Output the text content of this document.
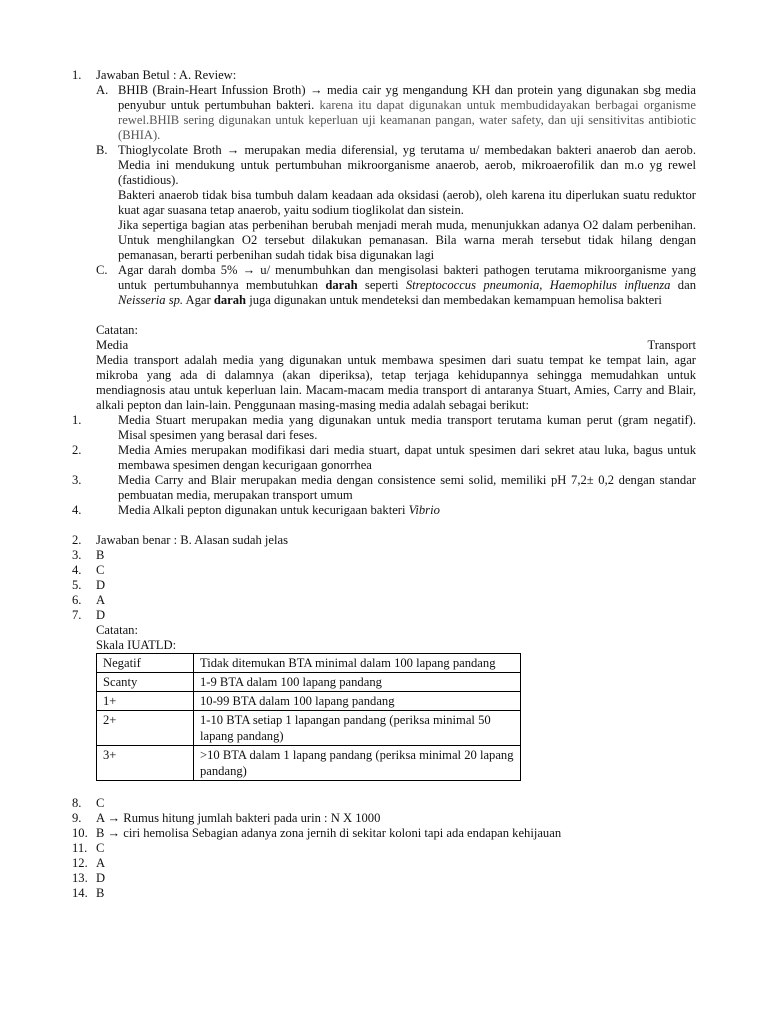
1.	Jawaban Betul : A. Review:
A. BHIB (Brain-Heart Infussion Broth) → media cair yg mengandung KH dan protein yang digunakan sbg media penyubur untuk pertumbuhan bakteri. karena itu dapat digunakan untuk membudidayakan berbagai organisme rewel.BHIB sering digunakan untuk keperluan uji keamanan pangan, water safety, dan uji sensitivitas antibiotic (BHIA).
B. Thioglycolate Broth → merupakan media diferensial, yg terutama u/ membedakan bakteri anaerob dan aerob. Media ini mendukung untuk pertumbuhan mikroorganisme anaerob, aerob, mikroaerofilik dan m.o yg rewel (fastidious).
Bakteri anaerob tidak bisa tumbuh dalam keadaan ada oksidasi (aerob), oleh karena itu diperlukan suatu reduktor kuat agar suasana tetap anaerob, yaitu sodium tioglikolat dan sistein.
Jika sepertiga bagian atas perbenihan berubah menjadi merah muda, menunjukkan adanya O2 dalam perbenihan. Untuk menghilangkan O2 tersebut dilakukan pemanasan. Bila warna merah tersebut tidak hilang dengan pemanasan, berarti perbenihan sudah tidak bisa digunakan lagi
C. Agar darah domba 5% → u/ menumbuhkan dan mengisolasi bakteri pathogen terutama mikroorganisme yang untuk pertumbuhannya membutuhkan darah seperti Streptococcus pneumonia, Haemophilus influenza dan Neisseria sp. Agar darah juga digunakan untuk mendeteksi dan membedakan kemampuan hemolisa bakteri
Catatan:
Media	Transport
Media transport adalah media yang digunakan untuk membawa spesimen dari suatu tempat ke tempat lain, agar mikroba yang ada di dalamnya (akan diperiksa), tetap terjaga kehidupannya sehingga memudahkan untuk mendiagnosis atau untuk keperluan lain. Macam-macam media transport di antaranya Stuart, Amies, Carry and Blair, alkali pepton dan lain-lain. Penggunaan masing-masing media adalah sebagai berikut:
1.	Media Stuart merupakan media yang digunakan untuk media transport terutama kuman perut (gram negatif). Misal spesimen yang berasal dari feses.
2.	Media Amies merupakan modifikasi dari media stuart, dapat untuk spesimen dari sekret atau luka, bagus untuk membawa spesimen dengan kecurigaan gonorrhea
3.	Media Carry and Blair merupakan media dengan consistence semi solid, memiliki pH 7,2± 0,2 dengan standar pembuatan media, merupakan transport umum
4.	Media Alkali pepton digunakan untuk kecurigaan bakteri Vibrio
2.	Jawaban benar : B. Alasan sudah jelas
3.	B
4.	C
5.	D
6.	A
7.	D
Catatan:
Skala IUATLD:
Negatif	Tidak ditemukan BTA minimal dalam 100 lapang pandang
Scanty	1-9 BTA dalam 100 lapang pandang
1+	10-99 BTA dalam 100 lapang pandang
2+	1-10 BTA setiap 1 lapangan pandang (periksa minimal 50 lapang pandang)
3+	>10 BTA dalam 1 lapang pandang (periksa minimal 20 lapang pandang)
8.	C
9.	A → Rumus hitung jumlah bakteri pada urin : N X 1000
10. B → ciri hemolisa Sebagian adanya zona jernih di sekitar koloni tapi ada endapan kehijauan
11. C
12. A
13. D
14. B
